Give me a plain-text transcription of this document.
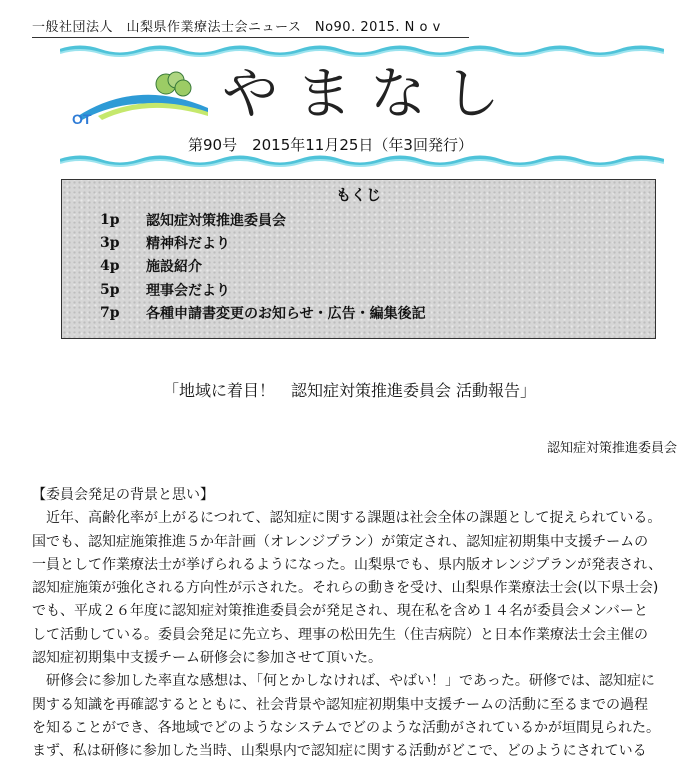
一般社団法人　山梨県作業療法士会ニュース　No90. 2015. N o v
OT やまなし
第90号　2015年11月25日（年3回発行）
もくじ
1p	認知症対策推進委員会
3p	精神科だより
4p	施設紹介
5p	理事会だより
7p	各種申請書変更のお知らせ・広告・編集後記
「地域に着目！　認知症対策推進委員会 活動報告」
認知症対策推進委員会

【委員会発足の背景と思い】

　近年、高齢化率が上がるにつれて、認知症に関する課題は社会全体の課題として捉えられている。

国でも、認知症施策推進５か年計画（オレンジプラン）が策定され、認知症初期集中支援チームの

一員として作業療法士が挙げられるようになった。山梨県でも、県内版オレンジプランが発表され、

認知症施策が強化される方向性が示された。それらの動きを受け、山梨県作業療法士会(以下県士会)

でも、平成２６年度に認知症対策推進委員会が発足され、現在私を含め１４名が委員会メンバーと

して活動している。委員会発足に先立ち、理事の松田先生（住吉病院）と日本作業療法士会主催の

認知症初期集中支援チーム研修会に参加させて頂いた。

　研修会に参加した率直な感想は、「何とかしなければ、やばい！」であった。研修では、認知症に

関する知識を再確認するとともに、社会背景や認知症初期集中支援チームの活動に至るまでの過程

を知ることができ、各地域でどのようなシステムでどのような活動がされているかが垣間見られた。

まず、私は研修に参加した当時、山梨県内で認知症に関する活動がどこで、どのようにされている
